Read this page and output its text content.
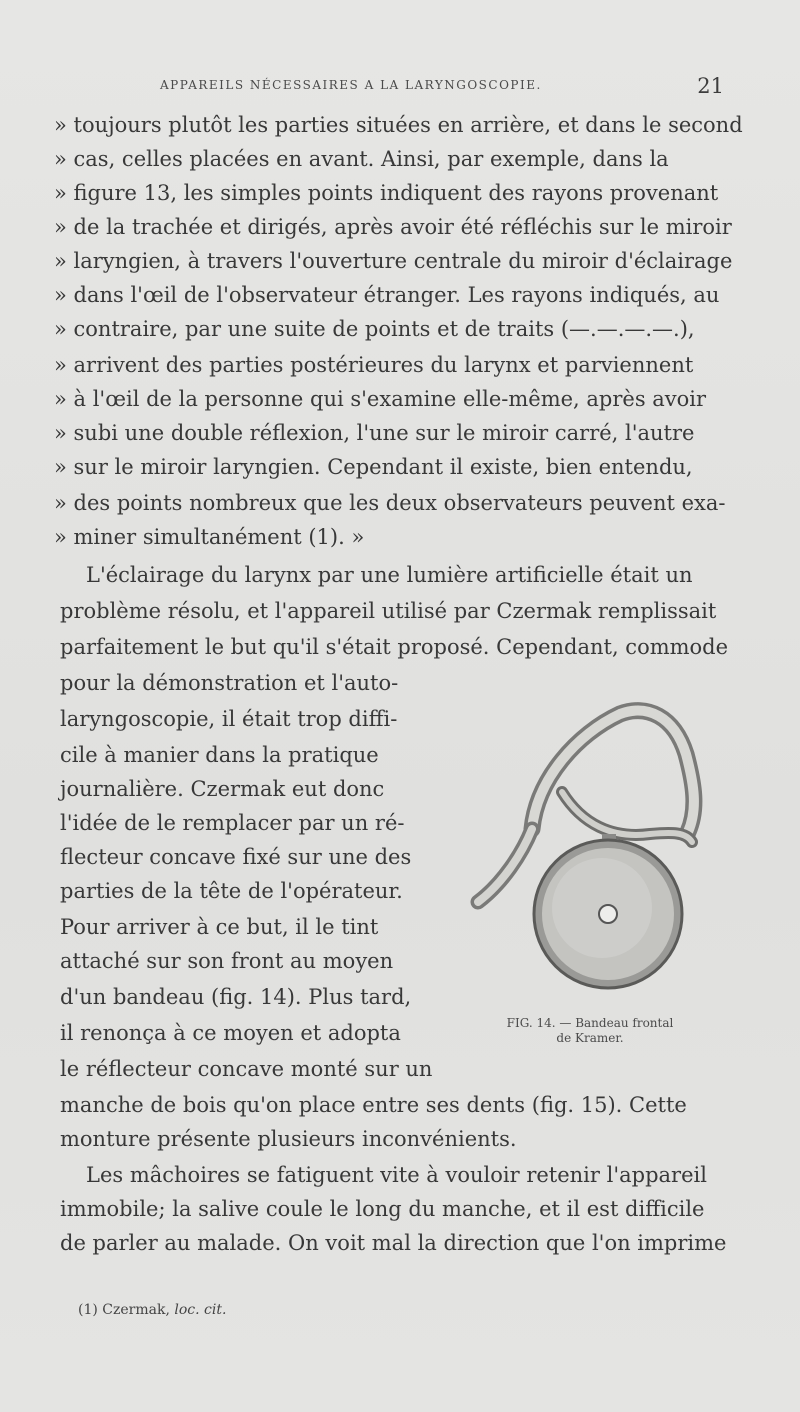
APPAREILS NÉCESSAIRES A LA LARYNGOSCOPIE.	21
» toujours plutôt les parties situées en arrière, et dans le second
» cas, celles placées en avant. Ainsi, par exemple, dans la
» figure 13, les simples points indiquent des rayons provenant
» de la trachée et dirigés, après avoir été réfléchis sur le miroir
» laryngien, à travers l'ouverture centrale du miroir d'éclairage
» dans l'œil de l'observateur étranger. Les rayons indiqués, au
» contraire, par une suite de points et de traits (—.—.—.—.),
» arrivent des parties postérieures du larynx et parviennent
» à l'œil de la personne qui s'examine elle-même, après avoir
» subi une double réflexion, l'une sur le miroir carré, l'autre
» sur le miroir laryngien. Cependant il existe, bien entendu,
» des points nombreux que les deux observateurs peuvent exa-
» miner simultanément (1). »
L'éclairage du larynx par une lumière artificielle était un
problème résolu, et l'appareil utilisé par Czermak remplissait
parfaitement le but qu'il s'était proposé. Cependant, commode
pour la démonstration et l'auto-
laryngoscopie, il était trop diffi-
cile à manier dans la pratique
journalière. Czermak eut donc
l'idée de le remplacer par un ré-
flecteur concave fixé sur une des
parties de la tête de l'opérateur.
Pour arriver à ce but, il le tint
attaché sur son front au moyen
d'un bandeau (fig. 14). Plus tard,
il renonça à ce moyen et adopta
le réflecteur concave monté sur un
manche de bois qu'on place entre ses dents (fig. 15). Cette
monture présente plusieurs inconvénients.
Les mâchoires se fatiguent vite à vouloir retenir l'appareil
immobile; la salive coule le long du manche, et il est difficile
de parler au malade. On voit mal la direction que l'on imprime
FIG. 14. — Bandeau frontal
de Kramer.
(1) Czermak, loc. cit.
